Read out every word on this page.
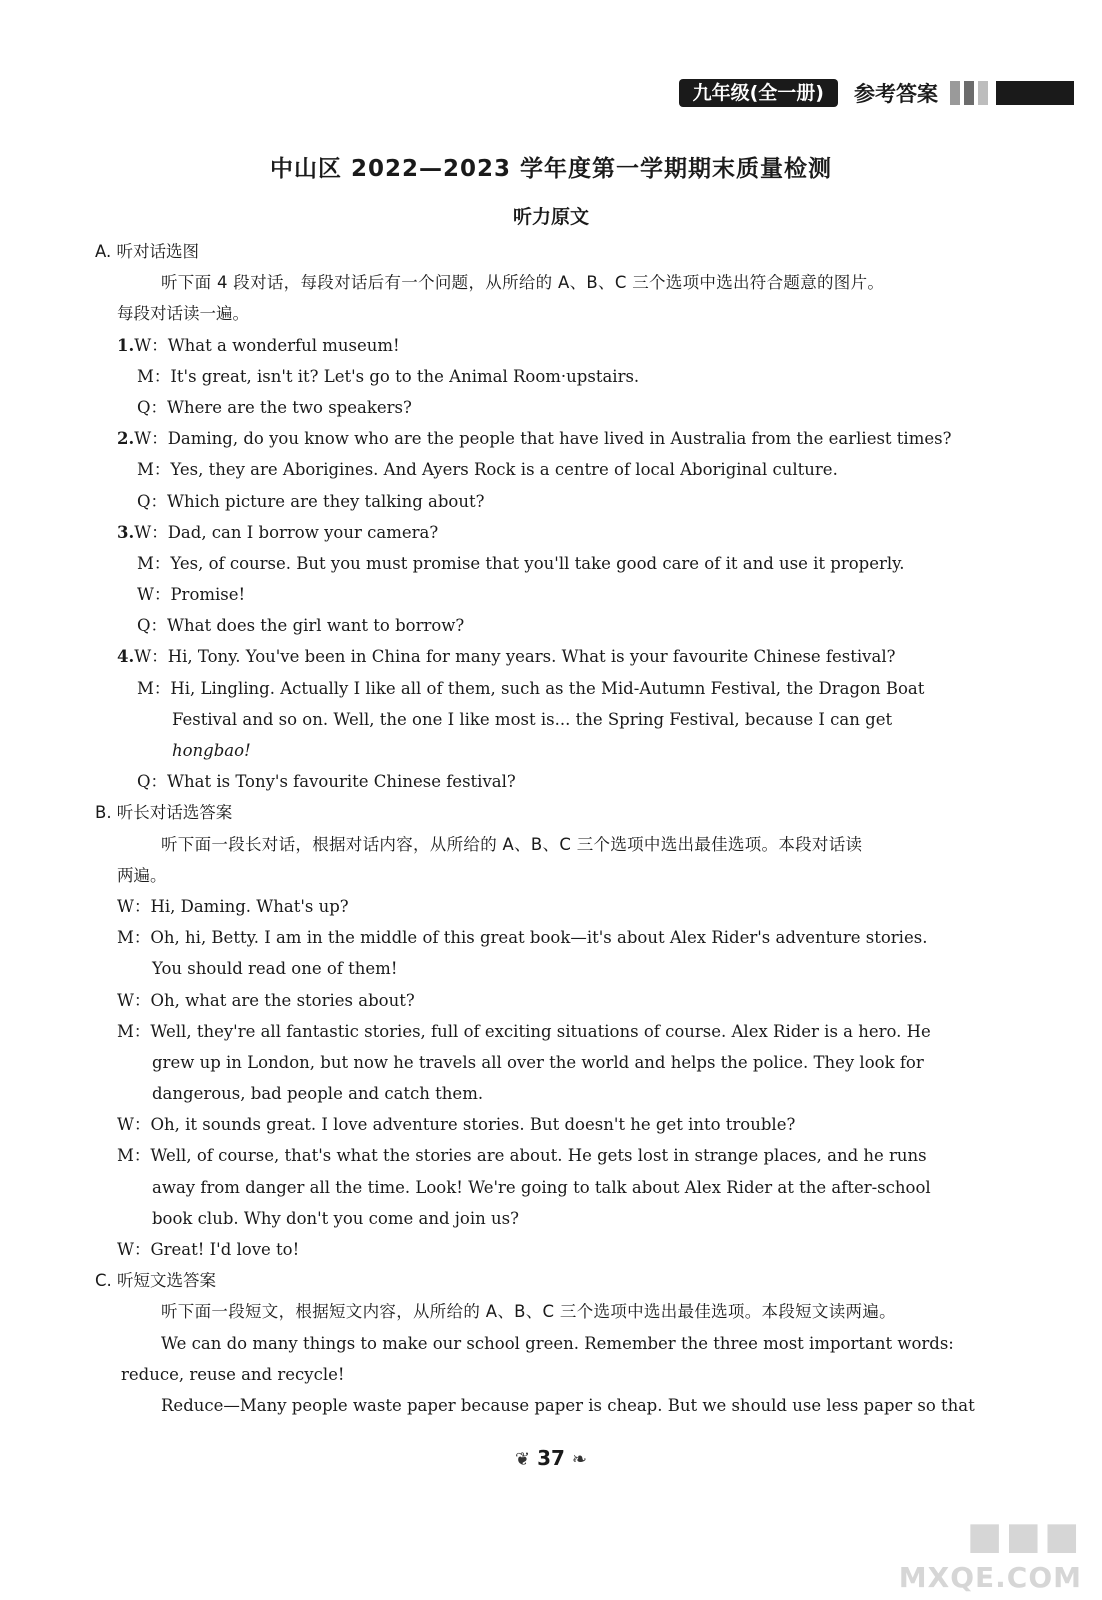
九年级(全一册)	参考答案
中山区 2022—2023 学年度第一学期期末质量检测
听力原文
A. 听对话选图
听下面 4 段对话，每段对话后有一个问题，从所给的 A、B、C 三个选项中选出符合题意的图片。
每段对话读一遍。
1.W：What a wonderful museum!
M：It's great, isn't it? Let's go to the Animal Room·upstairs.
Q：Where are the two speakers?
2.W：Daming, do you know who are the people that have lived in Australia from the earliest times?
M：Yes, they are Aborigines. And Ayers Rock is a centre of local Aboriginal culture.
Q：Which picture are they talking about?
3.W：Dad, can I borrow your camera?
M：Yes, of course. But you must promise that you'll take good care of it and use it properly.
W：Promise!
Q：What does the girl want to borrow?
4.W：Hi, Tony. You've been in China for many years. What is your favourite Chinese festival?
M：Hi, Lingling. Actually I like all of them, such as the Mid-Autumn Festival, the Dragon Boat
Festival and so on. Well, the one I like most is... the Spring Festival, because I can get
hongbao!
Q：What is Tony's favourite Chinese festival?
B. 听长对话选答案
听下面一段长对话，根据对话内容，从所给的 A、B、C 三个选项中选出最佳选项。本段对话读
两遍。
W：Hi, Daming. What's up?
M：Oh, hi, Betty. I am in the middle of this great book—it's about Alex Rider's adventure stories.
You should read one of them!
W：Oh, what are the stories about?
M：Well, they're all fantastic stories, full of exciting situations of course. Alex Rider is a hero. He
grew up in London, but now he travels all over the world and helps the police. They look for
dangerous, bad people and catch them.
W：Oh, it sounds great. I love adventure stories. But doesn't he get into trouble?
M：Well, of course, that's what the stories are about. He gets lost in strange places, and he runs
away from danger all the time. Look! We're going to talk about Alex Rider at the after-school
book club. Why don't you come and join us?
W：Great! I'd love to!
C. 听短文选答案
听下面一段短文，根据短文内容，从所给的 A、B、C 三个选项中选出最佳选项。本段短文读两遍。
We can do many things to make our school green. Remember the three most important words:
reduce, reuse and recycle!
Reduce—Many people waste paper because paper is cheap. But we should use less paper so that
❦ 37 ❧
◼◼◼
MXQE.COM
